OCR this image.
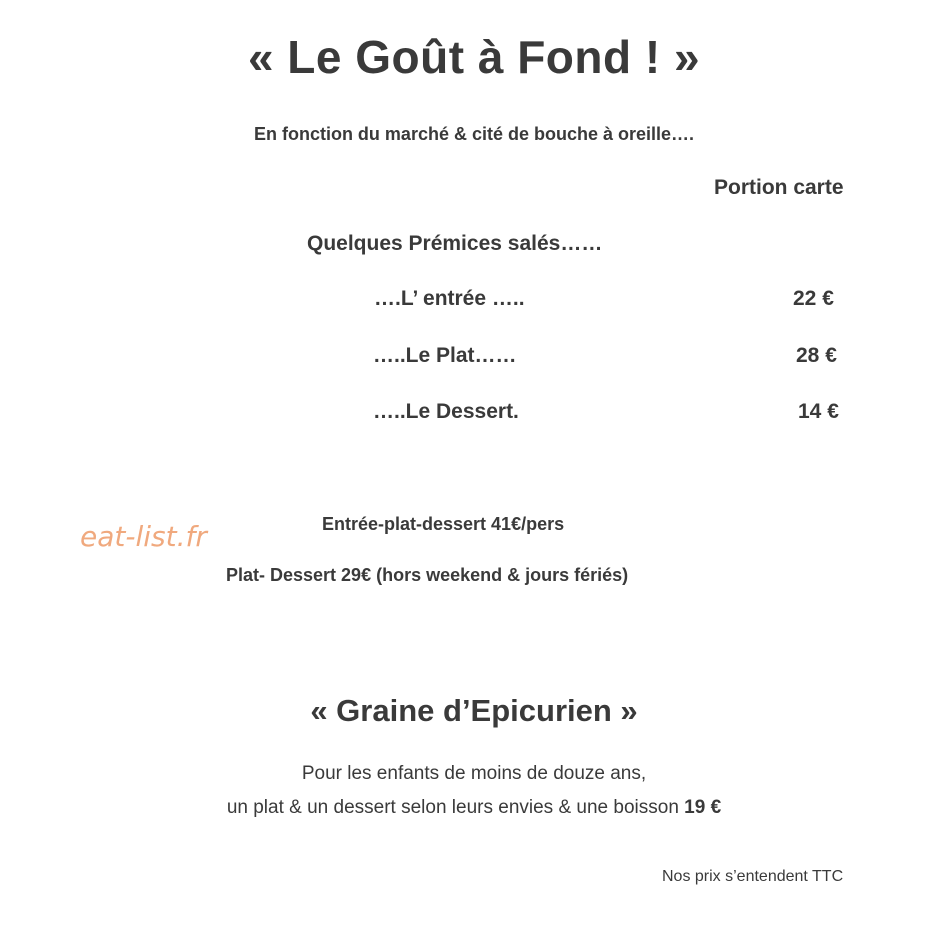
« Le Goût à Fond ! »
En fonction du marché & cité de bouche à oreille….
Portion carte
Quelques Prémices salés……
….L’ entrée …..	22 €
…..Le Plat……	28 €
…..Le Dessert.	14 €
eat-list.fr	Entrée-plat-dessert 41€/pers
Plat- Dessert 29€ (hors weekend & jours fériés)
« Graine d’Epicurien »
Pour les enfants de moins de douze ans,
un plat & un dessert selon leurs envies & une boisson 19 €
Nos prix s’entendent TTC
